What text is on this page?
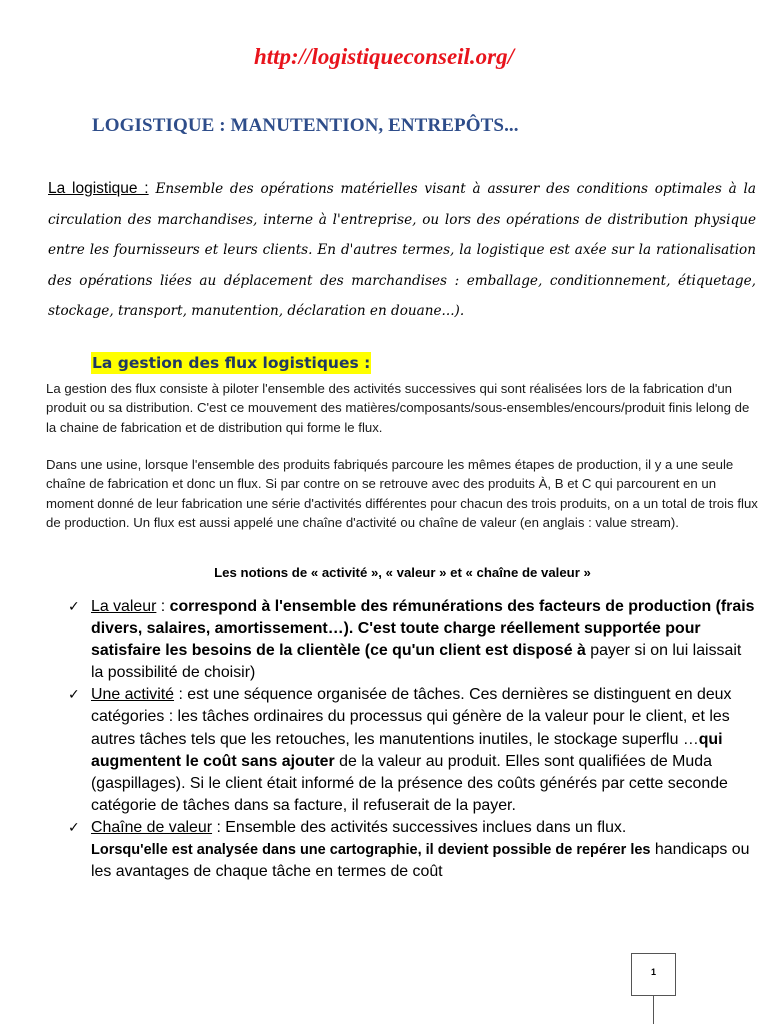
http://logistiqueconseil.org/
LOGISTIQUE : MANUTENTION, ENTREPÔTS...
La logistique : Ensemble des opérations matérielles visant à assurer des conditions optimales à la circulation des marchandises, interne à l'entreprise, ou lors des opérations de distribution physique entre les fournisseurs et leurs clients. En d'autres termes, la logistique est axée sur la rationalisation des opérations liées au déplacement des marchandises : emballage, conditionnement, étiquetage, stockage, transport, manutention, déclaration en douane...).
La gestion des flux logistiques :
La gestion des flux consiste à piloter l'ensemble des activités successives qui sont réalisées lors de la fabrication d'un produit ou sa distribution. C'est ce mouvement des matières/composants/sous-ensembles/encours/produit finis lelong de la chaine de fabrication et de distribution qui forme le flux.
Dans une usine, lorsque l'ensemble des produits fabriqués parcoure les mêmes étapes de production, il y a une seule chaîne de fabrication et donc un flux. Si par contre on se retrouve avec des produits À, B et C qui parcourent en un moment donné de leur fabrication une série d'activités différentes pour chacun des trois produits, on a un total de trois flux de production. Un flux est aussi appelé une chaîne d'activité ou chaîne de valeur (en anglais : value stream).
Les notions de « activité », « valeur » et « chaîne de valeur »
✓ La valeur : correspond à l'ensemble des rémunérations des facteurs de production (frais divers, salaires, amortissement…). C'est toute charge réellement supportée pour satisfaire les besoins de la clientèle (ce qu'un client est disposé à payer si on lui laissait la possibilité de choisir)
✓ Une activité : est une séquence organisée de tâches. Ces dernières se distinguent en deux catégories : les tâches ordinaires du processus qui génère de la valeur pour le client, et les autres tâches tels que les retouches, les manutentions inutiles, le stockage superflu …qui augmentent le coût sans ajouter de la valeur au produit. Elles sont qualifiées de Muda (gaspillages). Si le client était informé de la présence des coûts générés par cette seconde catégorie de tâches dans sa facture, il refuserait de la payer.
✓ Chaîne de valeur : Ensemble des activités successives inclues dans un flux.
Lorsqu'elle est analysée dans une cartographie, il devient possible de repérer les handicaps ou les avantages de chaque tâche en termes de coût
1
